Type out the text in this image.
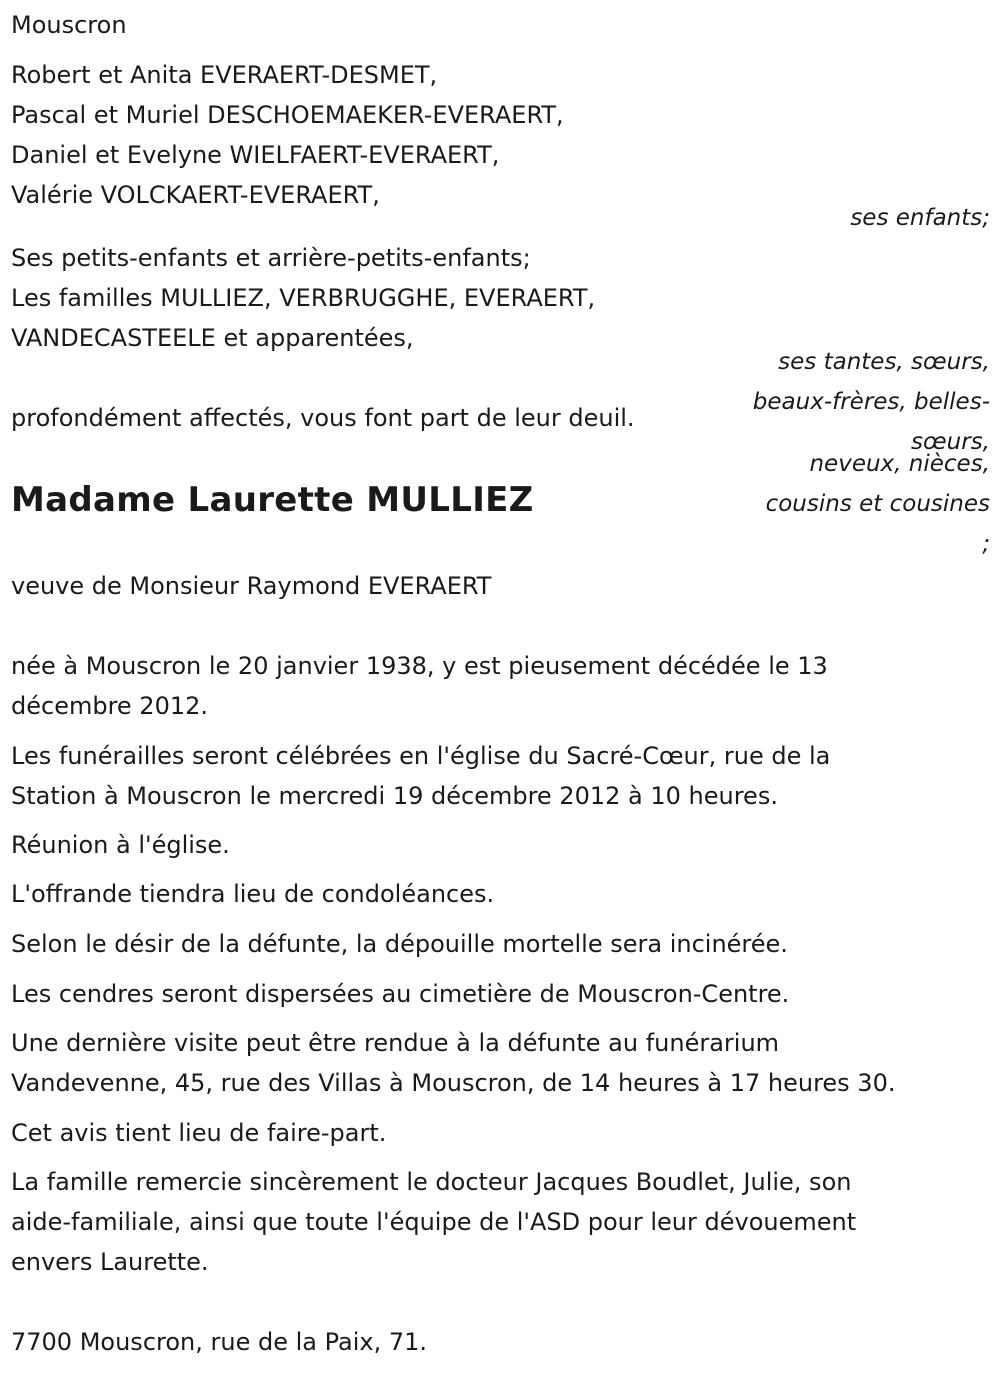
Mouscron

Robert et Anita EVERAERT-DESMET,
Pascal et Muriel DESCHOEMAEKER-EVERAERT,
Daniel et Evelyne WIELFAERT-EVERAERT,
Valérie VOLCKAERT-EVERAERT,

ses enfants;

Ses petits-enfants et arrière-petits-enfants;
Les familles MULLIEZ, VERBRUGGHE, EVERAERT,
VANDECASTEELE et apparentées,

ses tantes, sœurs,

beaux-frères, belles-

sœurs,

neveux, nièces,

cousins et cousines

;

profondément affectés, vous font part de leur deuil.

Madame Laurette MULLIEZ

veuve de Monsieur Raymond EVERAERT

née à Mouscron le 20 janvier 1938, y est pieusement décédée le 13
décembre 2012.
Les funérailles seront célébrées en l'église du Sacré-Cœur, rue de la
Station à Mouscron le mercredi 19 décembre 2012 à 10 heures.

Réunion à l'église.

L'offrande tiendra lieu de condoléances.

Selon le désir de la défunte, la dépouille mortelle sera incinérée.

Les cendres seront dispersées au cimetière de Mouscron-Centre.

Une dernière visite peut être rendue à la défunte au funérarium
Vandevenne, 45, rue des Villas à Mouscron, de 14 heures à 17 heures 30.

Cet avis tient lieu de faire-part.

La famille remercie sincèrement le docteur Jacques Boudlet, Julie, son
aide-familiale, ainsi que toute l'équipe de l'ASD pour leur dévouement
envers Laurette.

7700 Mouscron, rue de la Paix, 71.
